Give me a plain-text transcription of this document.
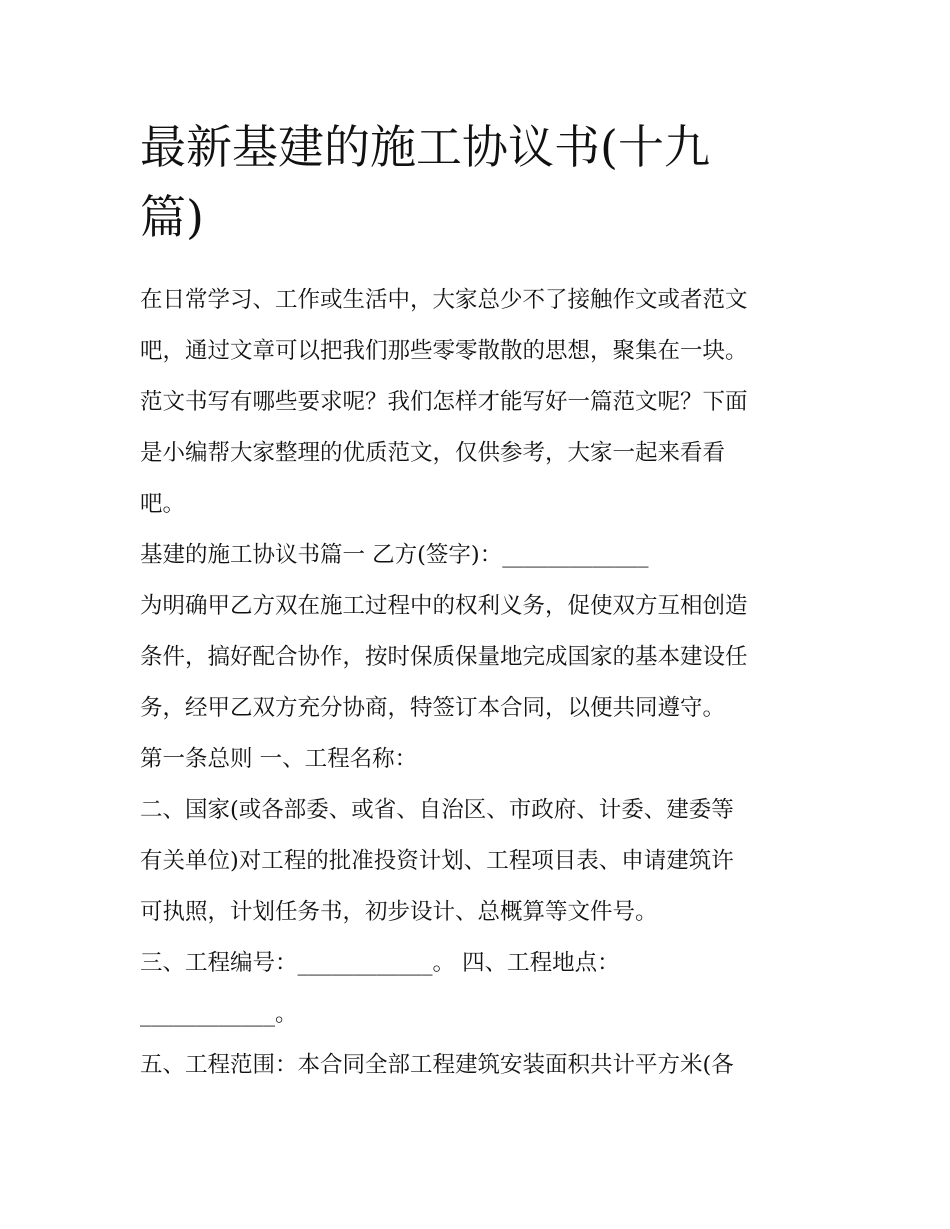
最新基建的施工协议书(十九
篇)

在日常学习、工作或生活中，大家总少不了接触作文或者范文
吧，通过文章可以把我们那些零零散散的思想，聚集在一块。
范文书写有哪些要求呢？我们怎样才能写好一篇范文呢？下面
是小编帮大家整理的优质范文，仅供参考，大家一起来看看
吧。

基建的施工协议书篇一 乙方(签字)：_____________

为明确甲乙方双在施工过程中的权利义务，促使双方互相创造
条件，搞好配合协作，按时保质保量地完成国家的基本建设任
务，经甲乙双方充分协商，特签订本合同，以便共同遵守。

第一条总则 一、工程名称：

二、国家(或各部委、或省、自治区、市政府、计委、建委等
有关单位)对工程的批准投资计划、工程项目表、申请建筑许
可执照，计划任务书，初步设计、总概算等文件号。

三、工程编号：____________。 四、工程地点：
____________。

五、工程范围：本合同全部工程建筑安装面积共计平方米(各
